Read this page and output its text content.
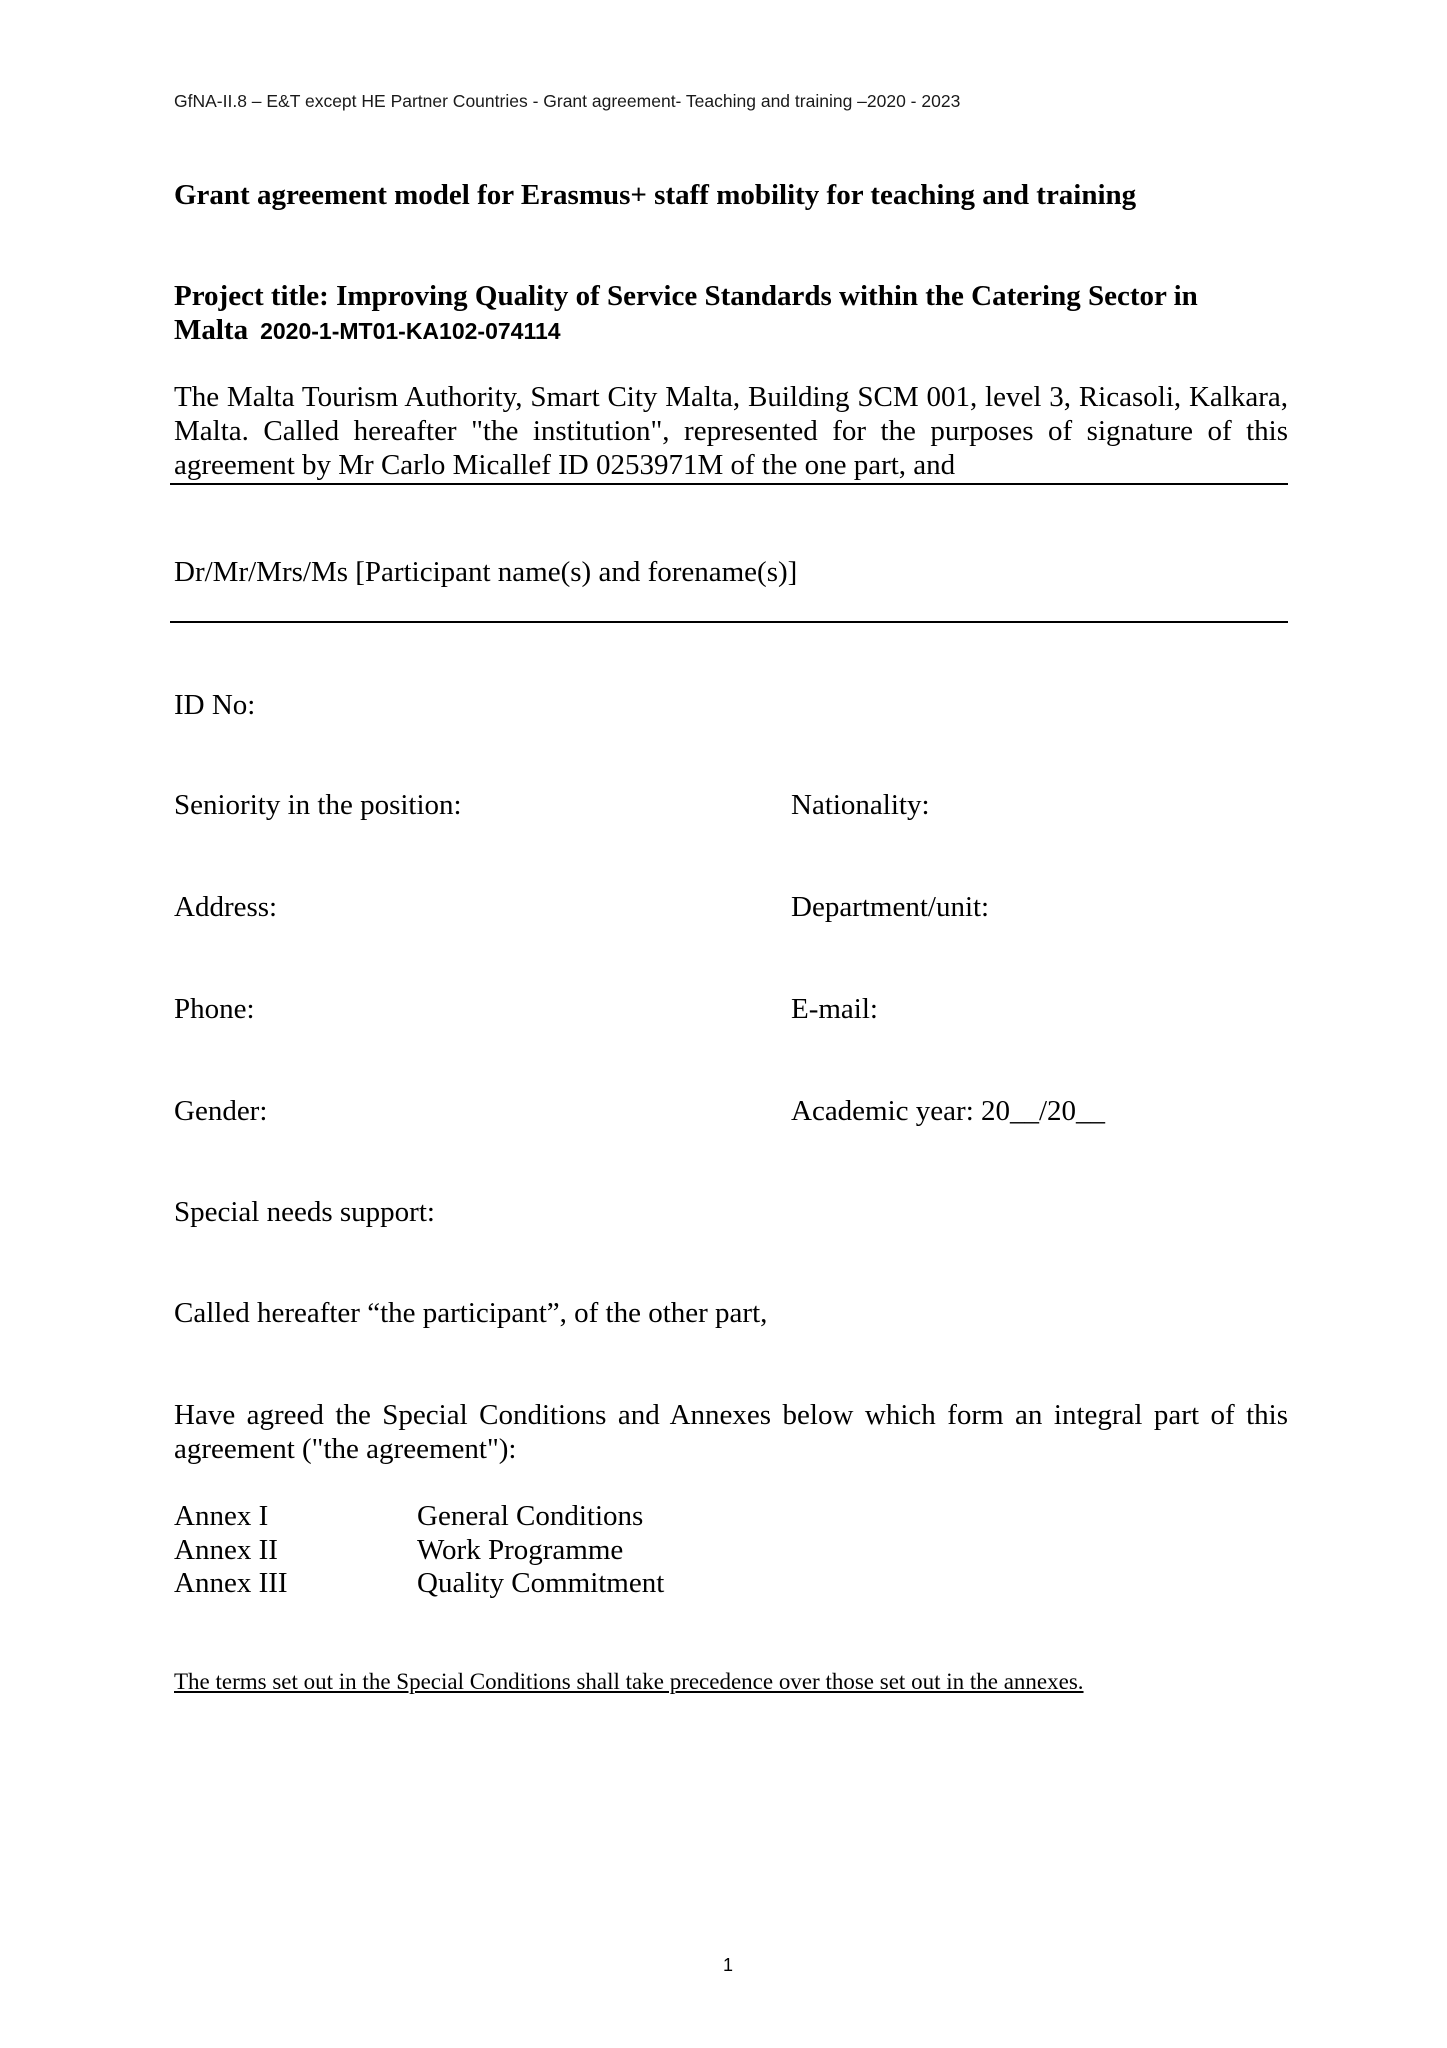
GfNA-II.8 – E&T except HE Partner Countries - Grant agreement- Teaching and training –2020 - 2023
Grant agreement model for Erasmus+ staff mobility for teaching and training
Project title: Improving Quality of Service Standards within the Catering Sector in
Malta 2020-1-MT01-KA102-074114
The Malta Tourism Authority, Smart City Malta, Building SCM 001, level 3, Ricasoli, Kalkara,
Malta. Called hereafter "the institution", represented for the purposes of signature of this
agreement by Mr Carlo Micallef ID 0253971M of the one part, and
Dr/Mr/Mrs/Ms [Participant name(s) and forename(s)]
ID No:
Seniority in the position:	Nationality:
Address:	Department/unit:
Phone:	E-mail:
Gender:	Academic year: 20__/20__
Special needs support:
Called hereafter “the participant”, of the other part,
Have agreed the Special Conditions and Annexes below which form an integral part of this
agreement ("the agreement"):
Annex I	General Conditions
Annex II	Work Programme
Annex III	Quality Commitment
The terms set out in the Special Conditions shall take precedence over those set out in the annexes.
1
